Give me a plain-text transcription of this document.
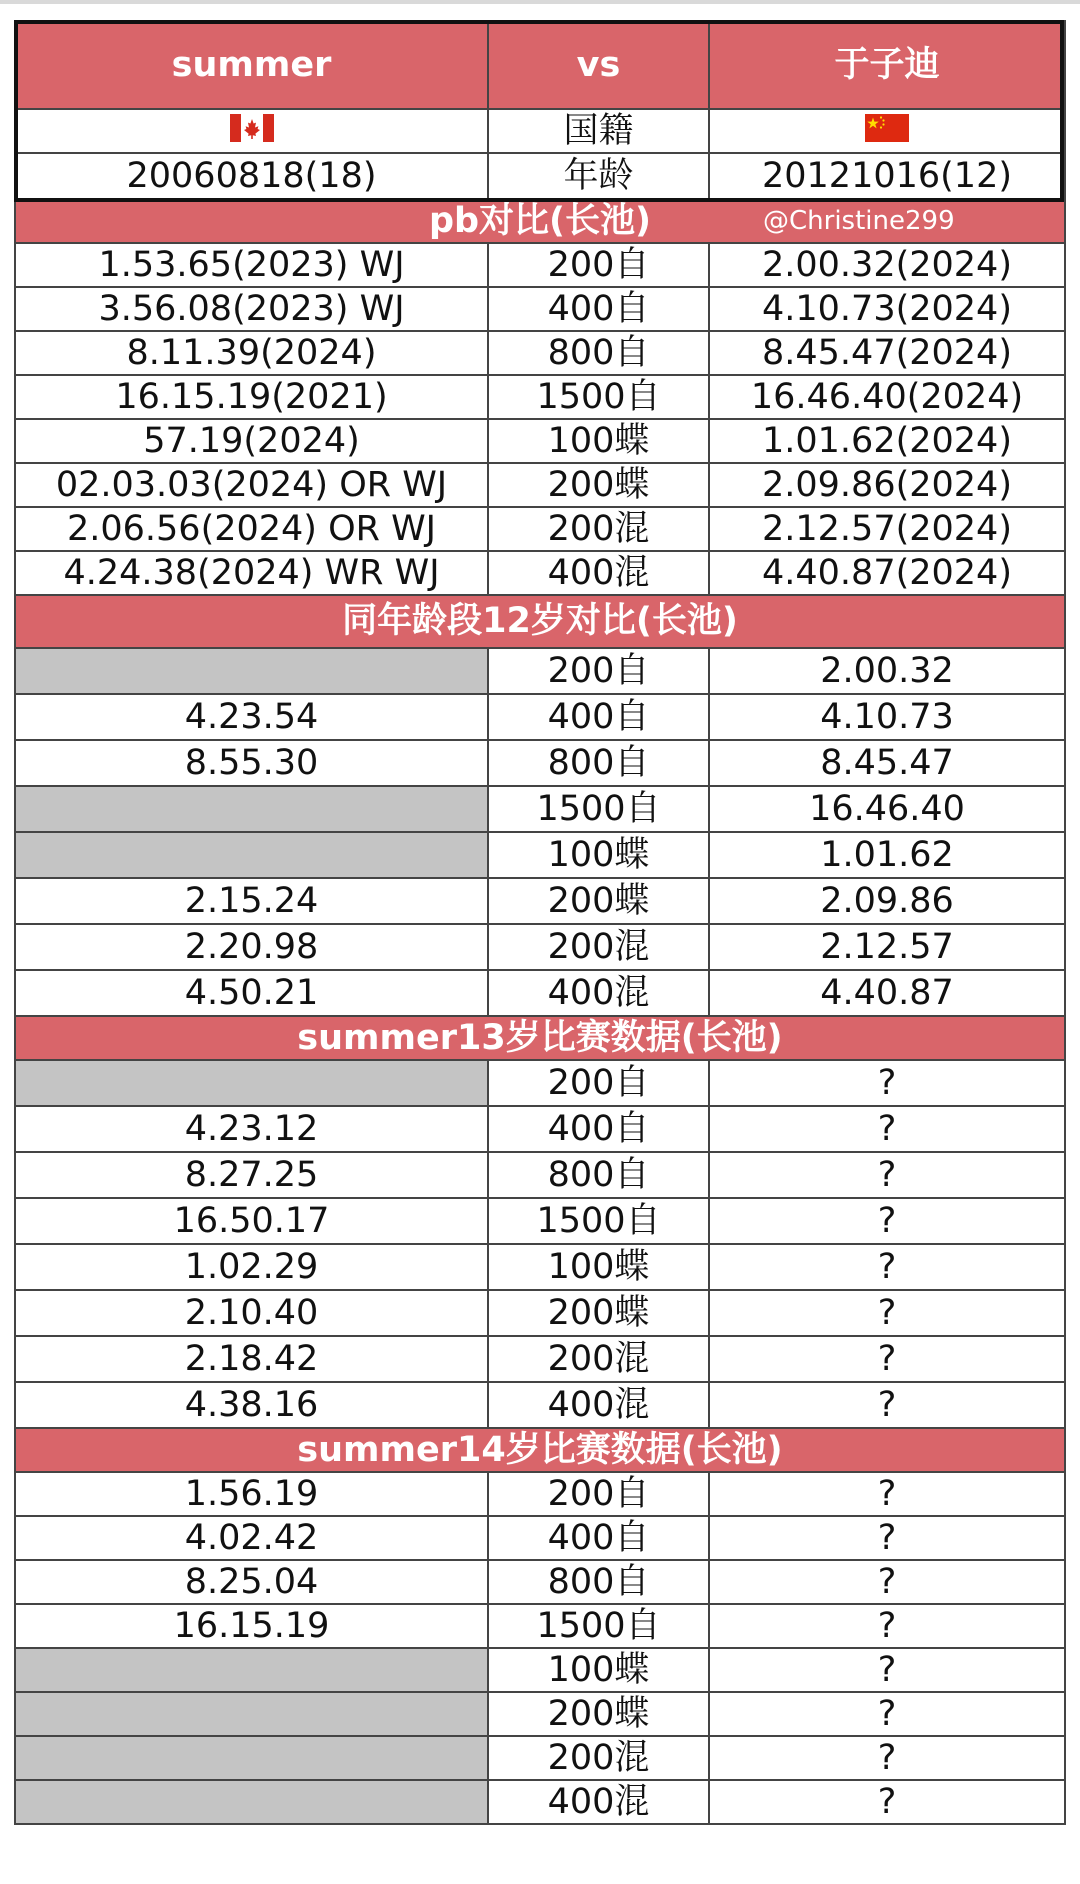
summer	vs	于子迪
	国籍	
20060818(18)	年龄	20121016(12)
pb对比(长池) @Christine299		

1.53.65(2023) WJ	200自	2.00.32(2024)
3.56.08(2023) WJ	400自	4.10.73(2024)
8.11.39(2024)	800自	8.45.47(2024)
16.15.19(2021)	1500自	16.46.40(2024)
57.19(2024)	100蝶	1.01.62(2024)
02.03.03(2024) OR WJ	200蝶	2.09.86(2024)
2.06.56(2024) OR WJ	200混	2.12.57(2024)
4.24.38(2024) WR WJ	400混	4.40.87(2024)
同年龄段12岁对比(长池)		
	200自	2.00.32
4.23.54	400自	4.10.73
8.55.30	800自	8.45.47
	1500自	16.46.40
	100蝶	1.01.62
2.15.24	200蝶	2.09.86
2.20.98	200混	2.12.57
4.50.21	400混	4.40.87
summer13岁比赛数据(长池)		
	200自	?
4.23.12	400自	?
8.27.25	800自	?
16.50.17	1500自	?
1.02.29	100蝶	?
2.10.40	200蝶	?
2.18.42	200混	?
4.38.16	400混	?
summer14岁比赛数据(长池)		
1.56.19	200自	?
4.02.42	400自	?
8.25.04	800自	?
16.15.19	1500自	?
	100蝶	?
	200蝶	?
	200混	?
	400混	?
